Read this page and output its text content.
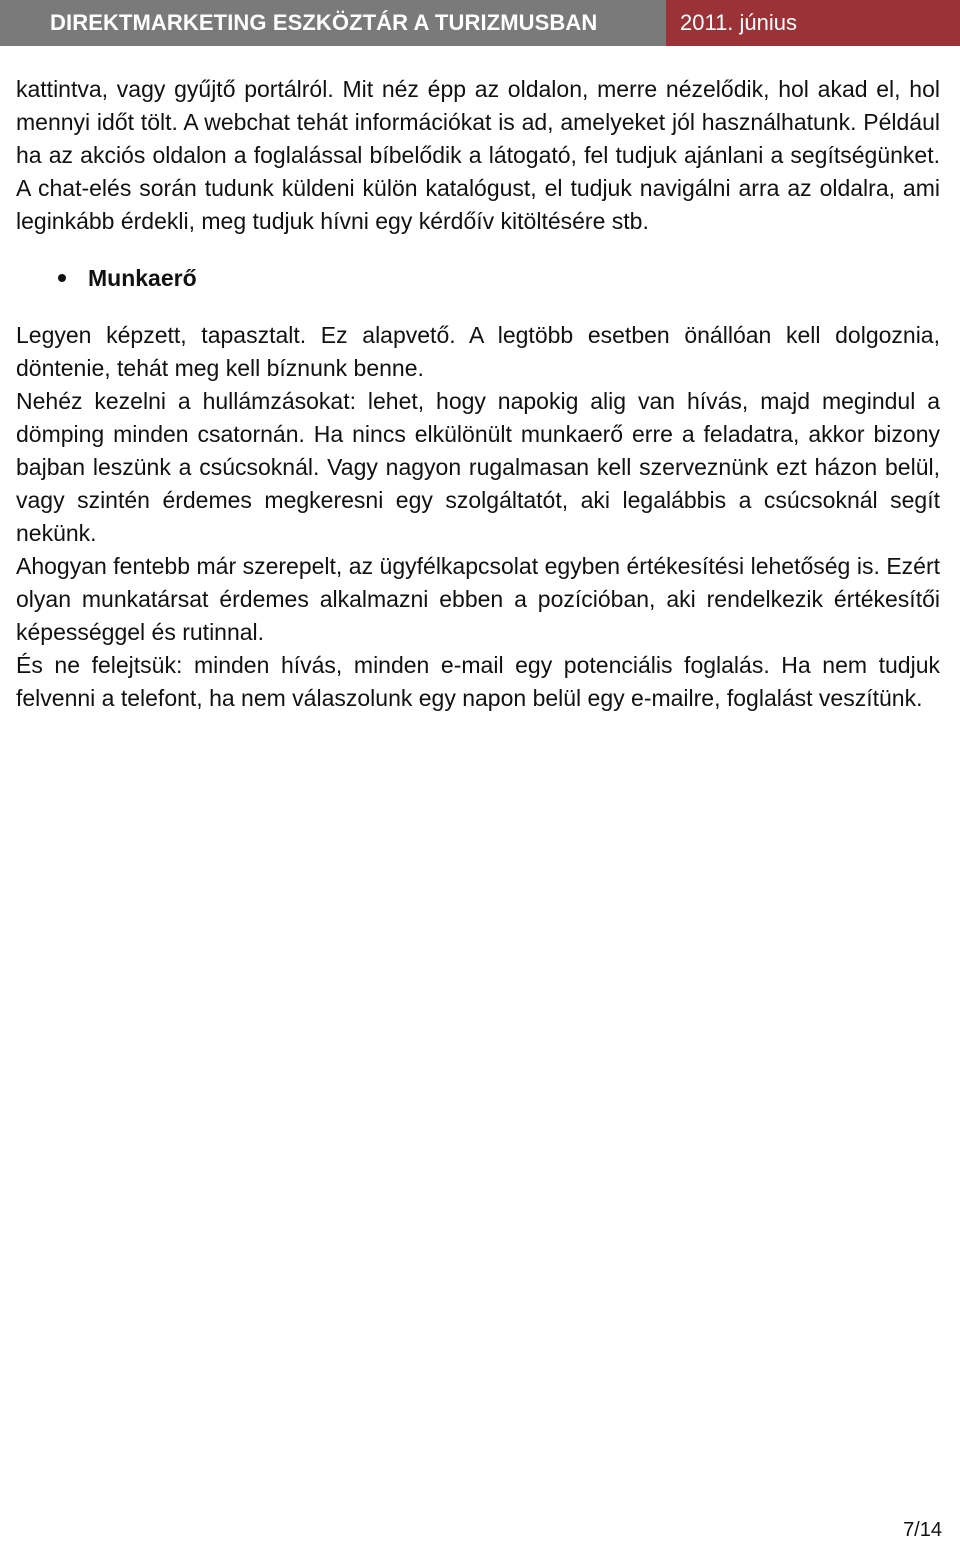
DIREKTMARKETING ESZKÖZTÁR A TURIZMUSBAN	2011. június

kattintva, vagy gyűjtő portálról. Mit néz épp az oldalon, merre nézelődik, hol akad el, hol mennyi időt tölt. A webchat tehát információkat is ad, amelyeket jól használhatunk. Például ha az akciós oldalon a foglalással bíbelődik a látogató, fel tudjuk ajánlani a segítségünket. A chat-elés során tudunk küldeni külön katalógust, el tudjuk navigálni arra az oldalra, ami leginkább érdekli, meg tudjuk hívni egy kérdőív kitöltésére stb.

Munkaerő

Legyen képzett, tapasztalt. Ez alapvető. A legtöbb esetben önállóan kell dolgoznia, döntenie, tehát meg kell bíznunk benne.

Nehéz kezelni a hullámzásokat: lehet, hogy napokig alig van hívás, majd megindul a dömping minden csatornán. Ha nincs elkülönült munkaerő erre a feladatra, akkor bizony bajban leszünk a csúcsoknál. Vagy nagyon rugalmasan kell szerveznünk ezt házon belül, vagy szintén érdemes megkeresni egy szolgáltatót, aki legalábbis a csúcsoknál segít nekünk.

Ahogyan fentebb már szerepelt, az ügyfélkapcsolat egyben értékesítési lehetőség is. Ezért olyan munkatársat érdemes alkalmazni ebben a pozícióban, aki rendelkezik értékesítői képességgel és rutinnal.

És ne felejtsük: minden hívás, minden e-mail egy potenciális foglalás. Ha nem tudjuk felvenni a telefont, ha nem válaszolunk egy napon belül egy e-mailre, foglalást veszítünk.

7/14
